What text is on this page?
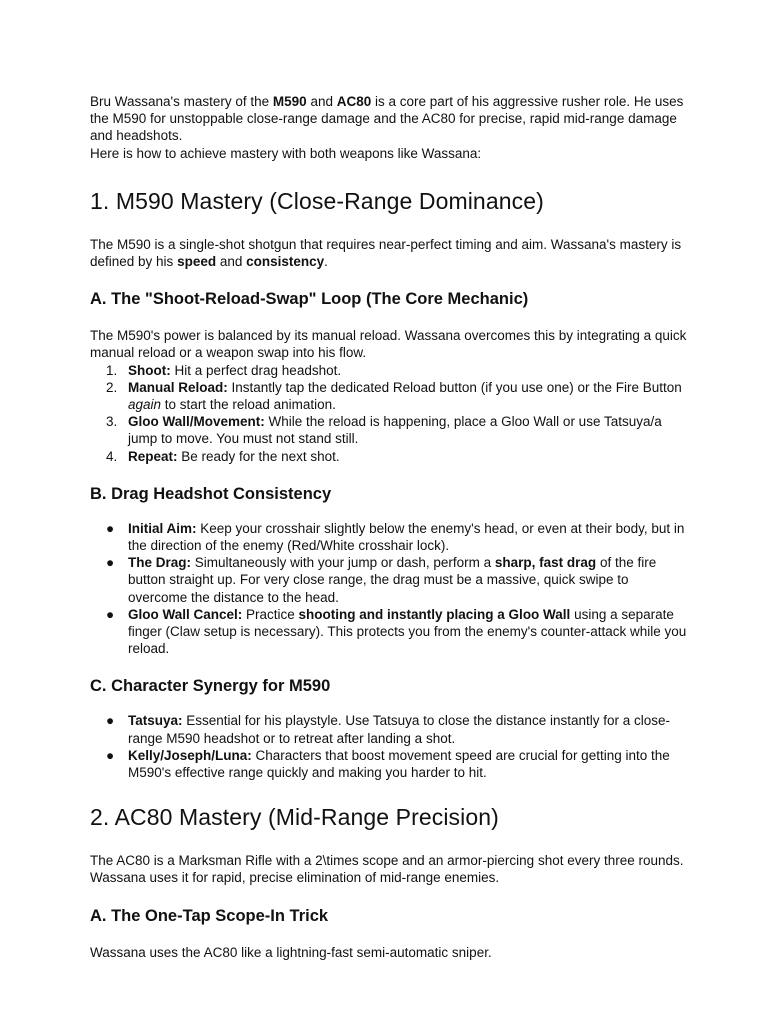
Bru Wassana's mastery of the M590 and AC80 is a core part of his aggressive rusher role. He uses the M590 for unstoppable close-range damage and the AC80 for precise, rapid mid-range damage and headshots.

Here is how to achieve mastery with both weapons like Wassana:

1. M590 Mastery (Close-Range Dominance)

The M590 is a single-shot shotgun that requires near-perfect timing and aim. Wassana's mastery is defined by his speed and consistency.

A. The "Shoot-Reload-Swap" Loop (The Core Mechanic)

The M590's power is balanced by its manual reload. Wassana overcomes this by integrating a quick manual reload or a weapon swap into his flow.

1. Shoot: Hit a perfect drag headshot.
2. Manual Reload: Instantly tap the dedicated Reload button (if you use one) or the Fire Button again to start the reload animation.
3. Gloo Wall/Movement: While the reload is happening, place a Gloo Wall or use Tatsuya/a jump to move. You must not stand still.
4. Repeat: Be ready for the next shot.
B. Drag Headshot Consistency
● Initial Aim: Keep your crosshair slightly below the enemy's head, or even at their body, but in the direction of the enemy (Red/White crosshair lock).
● The Drag: Simultaneously with your jump or dash, perform a sharp, fast drag of the fire button straight up. For very close range, the drag must be a massive, quick swipe to overcome the distance to the head.
● Gloo Wall Cancel: Practice shooting and instantly placing a Gloo Wall using a separate finger (Claw setup is necessary). This protects you from the enemy's counter-attack while you reload.
C. Character Synergy for M590
● Tatsuya: Essential for his playstyle. Use Tatsuya to close the distance instantly for a close-range M590 headshot or to retreat after landing a shot.
● Kelly/Joseph/Luna: Characters that boost movement speed are crucial for getting into the M590's effective range quickly and making you harder to hit.
2. AC80 Mastery (Mid-Range Precision)

The AC80 is a Marksman Rifle with a 2\times scope and an armor-piercing shot every three rounds. Wassana uses it for rapid, precise elimination of mid-range enemies.

A. The One-Tap Scope-In Trick

Wassana uses the AC80 like a lightning-fast semi-automatic sniper.
